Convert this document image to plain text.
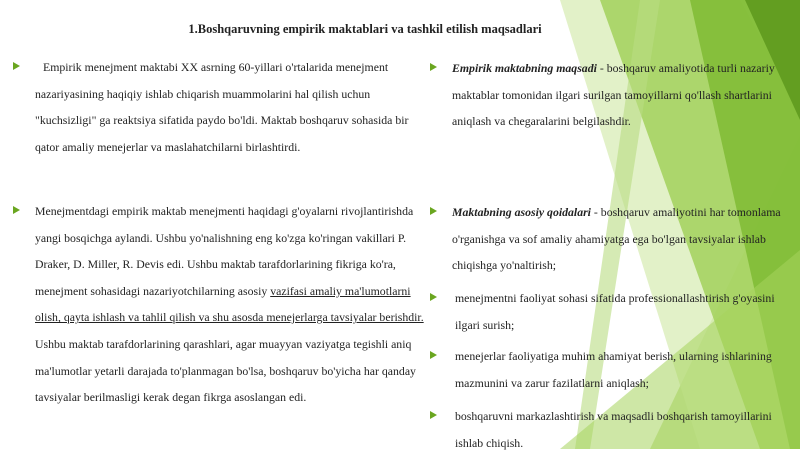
1.Boshqaruvning empirik maktablari va tashkil etilish maqsadlari

Empirik menejment maktabi XX asrning 60-yillari o'rtalarida menejment nazariyasining haqiqiy ishlab chiqarish muammolarini hal qilish uchun "kuchsizligi" ga reaktsiya sifatida paydo bo'ldi. Maktab boshqaruv sohasida bir qator amaliy menejerlar va maslahatchilarni birlashtirdi.

Menejmentdagi empirik maktab menejmenti haqidagi g'oyalarni rivojlantirishda yangi bosqichga aylandi. Ushbu yo'nalishning eng ko'zga ko'ringan vakillari P. Draker, D. Miller, R. Devis edi. Ushbu maktab tarafdorlarining fikriga ko'ra, menejment sohasidagi nazariyotchilarning asosiy vazifasi amaliy ma'lumotlarni olish, qayta ishlash va tahlil qilish va shu asosda menejerlarga tavsiyalar berishdir. Ushbu maktab tarafdorlarining qarashlari, agar muayyan vaziyatga tegishli aniq ma'lumotlar yetarli darajada to'planmagan bo'lsa, boshqaruv bo'yicha har qanday tavsiyalar berilmasligi kerak degan fikrga asoslangan edi.

Empirik maktabning maqsadi - boshqaruv amaliyotida turli nazariy maktablar tomonidan ilgari surilgan tamoyillarni qo'llash shartlarini aniqlash va chegaralarini belgilashdir.

Maktabning asosiy qoidalari - boshqaruv amaliyotini har tomonlama o'rganishga va sof amaliy ahamiyatga ega bo'lgan tavsiyalar ishlab chiqishga yo'naltirish;

menejmentni faoliyat sohasi sifatida professionallashtirish g'oyasini ilgari surish;

menejerlar faoliyatiga muhim ahamiyat berish, ularning ishlarining mazmunini va zarur fazilatlarni aniqlash;

boshqaruvni markazlashtirish va maqsadli boshqarish tamoyillarini ishlab chiqish.
